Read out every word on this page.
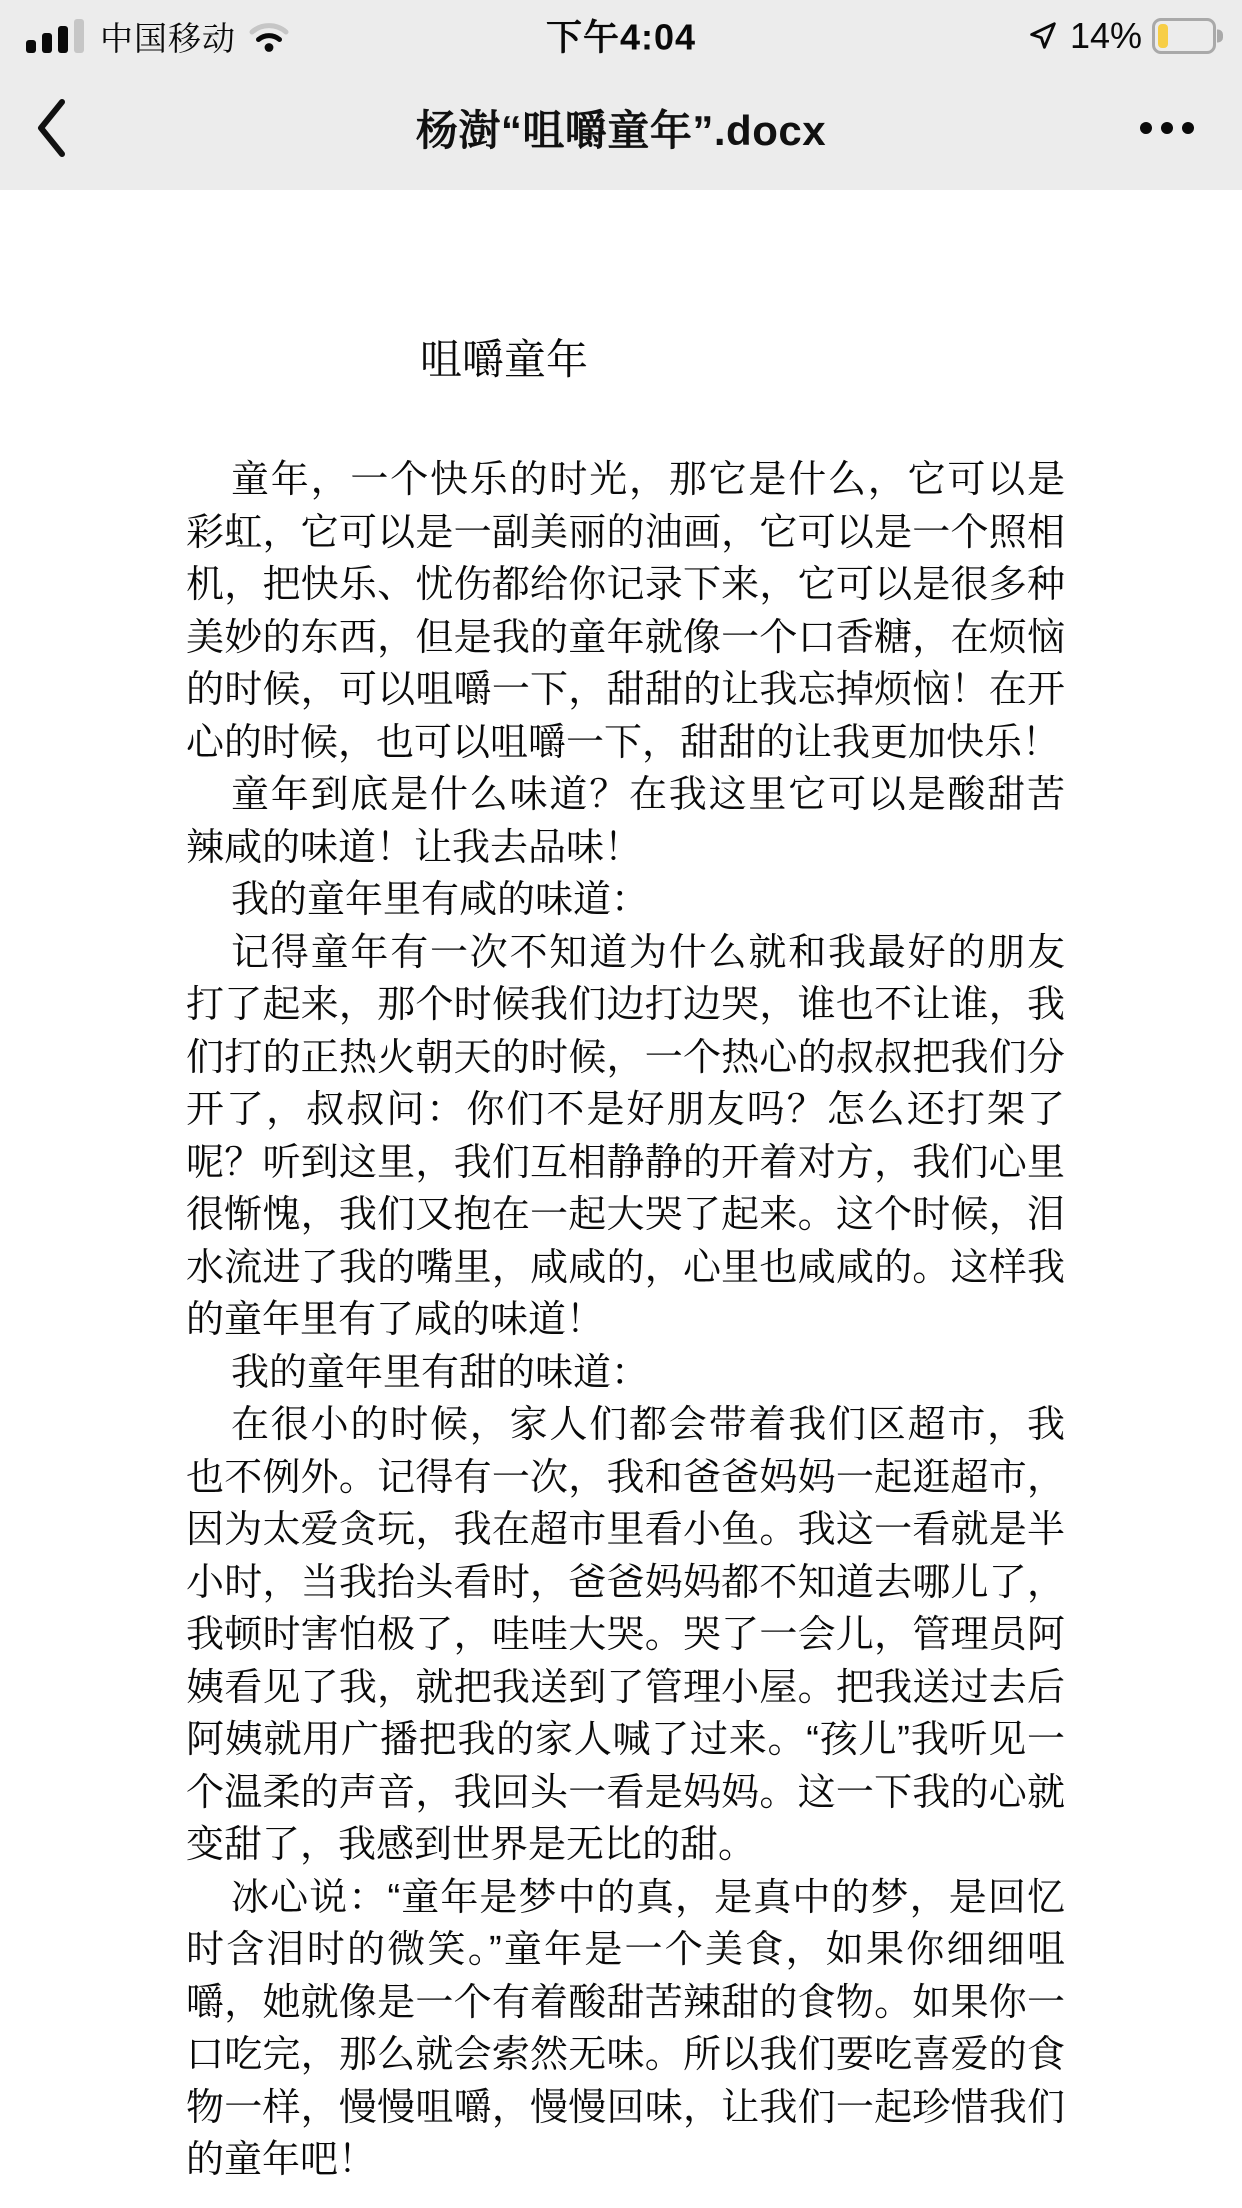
中国移动	下午4:04	14%
杨澍“咀嚼童年”.docx
咀嚼童年

童年，一个快乐的时光，那它是什么，它可以是彩虹，它可以是一副美丽的油画，它可以是一个照相机，把快乐、忧伤都给你记录下来，它可以是很多种美妙的东西，但是我的童年就像一个口香糖，在烦恼的时候，可以咀嚼一下，甜甜的让我忘掉烦恼！在开心的时候，也可以咀嚼一下，甜甜的让我更加快乐！

童年到底是什么味道？在我这里它可以是酸甜苦辣咸的味道！让我去品味！

我的童年里有咸的味道：

记得童年有一次不知道为什么就和我最好的朋友打了起来，那个时候我们边打边哭，谁也不让谁，我们打的正热火朝天的时候，一个热心的叔叔把我们分开了，叔叔问：你们不是好朋友吗？怎么还打架了呢？听到这里，我们互相静静的开着对方，我们心里很惭愧，我们又抱在一起大哭了起来。这个时候，泪水流进了我的嘴里，咸咸的，心里也咸咸的。这样我的童年里有了咸的味道！

我的童年里有甜的味道：

在很小的时候，家人们都会带着我们区超市，我也不例外。记得有一次，我和爸爸妈妈一起逛超市，因为太爱贪玩，我在超市里看小鱼。我这一看就是半小时，当我抬头看时，爸爸妈妈都不知道去哪儿了，我顿时害怕极了，哇哇大哭。哭了一会儿，管理员阿姨看见了我，就把我送到了管理小屋。把我送过去后阿姨就用广播把我的家人喊了过来。“孩儿”我听见一个温柔的声音，我回头一看是妈妈。这一下我的心就变甜了，我感到世界是无比的甜。

冰心说：“童年是梦中的真，是真中的梦，是回忆时含泪时的微笑。”童年是一个美食，如果你细细咀嚼，她就像是一个有着酸甜苦辣甜的食物。如果你一口吃完，那么就会索然无味。所以我们要吃喜爱的食物一样，慢慢咀嚼，慢慢回味，让我们一起珍惜我们的童年吧！
